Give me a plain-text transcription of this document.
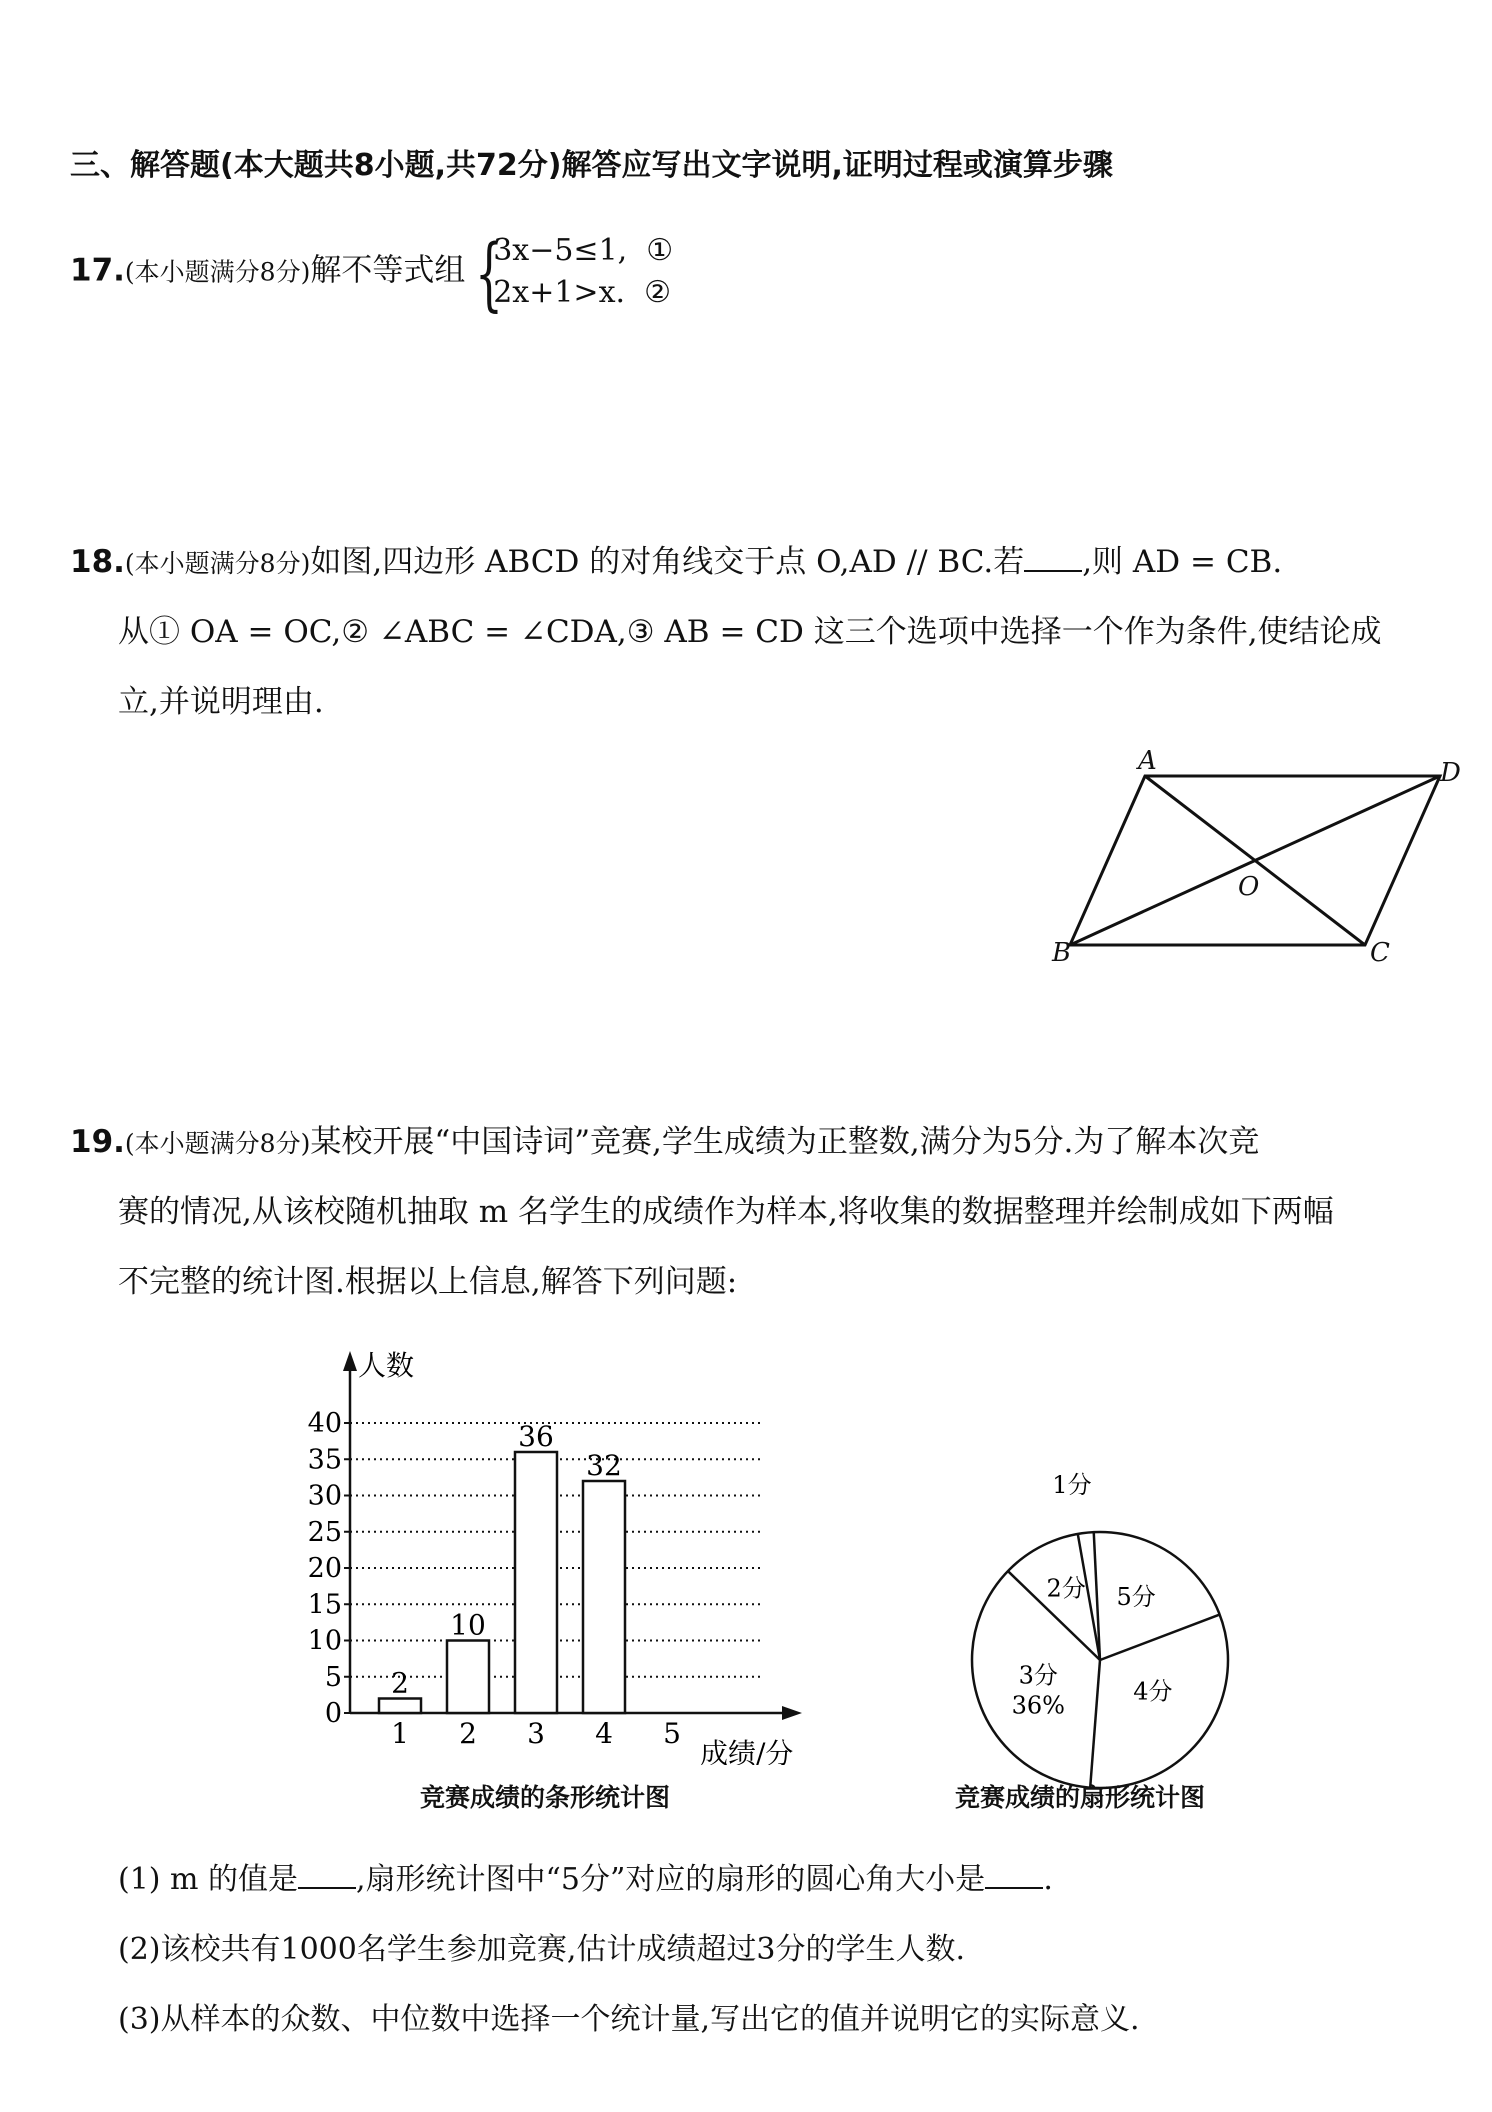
三、解答题(本大题共8小题,共72分)解答应写出文字说明,证明过程或演算步骤
17.(本小题满分8分)解不等式组 {
3x−5≤1, ①
2x+1>x. ②
18.(本小题满分8分)如图,四边形 ABCD 的对角线交于点 O,AD // BC.若 ,则 AD = CB.
从① OA = OC,② ∠ABC = ∠CDA,③ AB = CD 这三个选项中选择一个作为条件,使结论成
立,并说明理由.
A	D
B	C
O
19.(本小题满分8分)某校开展“中国诗词”竞赛,学生成绩为正整数,满分为5分.为了解本次竞
赛的情况,从该校随机抽取 m 名学生的成绩作为样本,将收集的数据整理并绘制成如下两幅
不完整的统计图.根据以上信息,解答下列问题:
0
5
10
15
20
25
30
35
40
人数
成绩/分
2
1
10
2
36
3
32
4 5
竞赛成绩的条形统计图
1分
5分
4分
3分
36%
2分
竞赛成绩的扇形统计图
(1) m 的值是 ,扇形统计图中“5分”对应的扇形的圆心角大小是 .
(2)该校共有1000名学生参加竞赛,估计成绩超过3分的学生人数.
(3)从样本的众数、中位数中选择一个统计量,写出它的值并说明它的实际意义.
